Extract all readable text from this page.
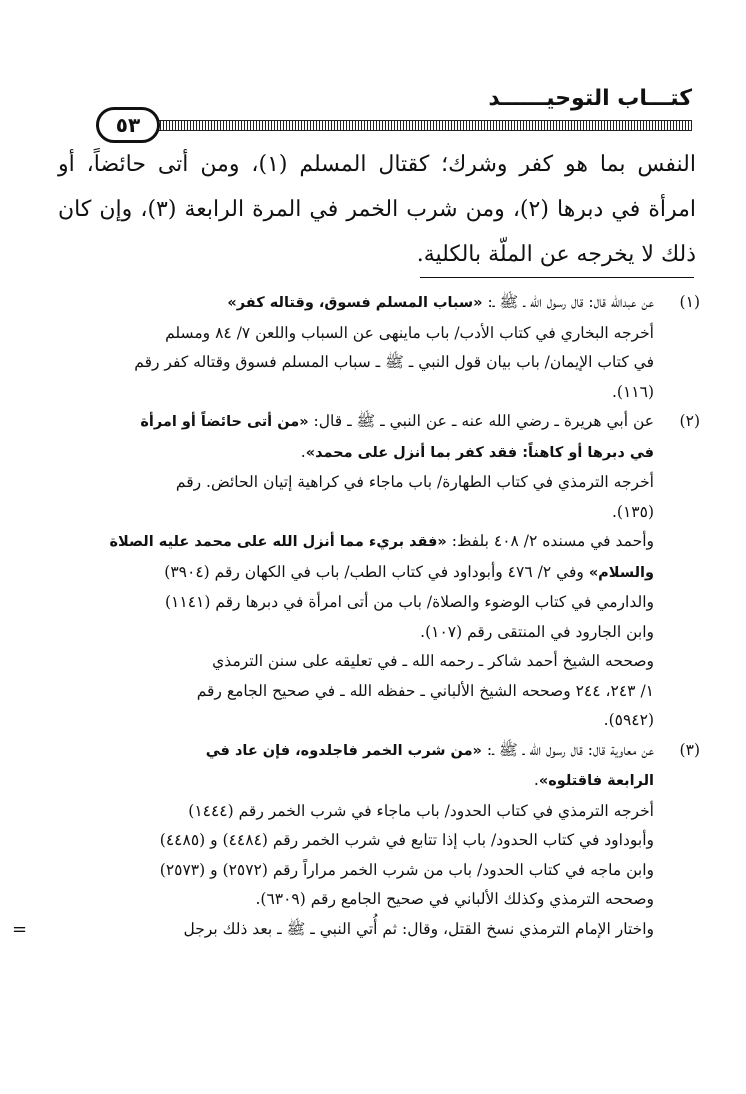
كتـــاب التوحيــــــد
٥٣

النفس بما هو كفر وشرك؛ كقتال المسلم (١)، ومن أتى حائضاً، أو امرأة في دبرها (٢)، ومن شرب الخمر في المرة الرابعة (٣)، وإن كان ذلك لا يخرجه عن الملّة بالكلية.

(١)

عن عبدالله قال: قال رسول الله ـ ﷺ ـ: «سباب المسلم فسوق، وقتاله كفر»

أخرجه البخاري في كتاب الأدب/ باب ماينهى عن السباب واللعن ٧/ ٨٤ ومسلم

في كتاب الإيمان/ باب بيان قول النبي ـ ﷺ ـ سباب المسلم فسوق وقتاله كفر رقم

(١١٦).

(٢)

عن أبي هريرة ـ رضي الله عنه ـ عن النبي ـ ﷺ ـ قال: «من أتى حائضاً أو امرأة

في دبرها أو كاهناً: فقد كفر بما أنزل على محمد».

أخرجه الترمذي في كتاب الطهارة/ باب ماجاء في كراهية إتيان الحائض. رقم

(١٣٥).

وأحمد في مسنده ٢/ ٤٠٨ بلفظ: «فقد بريء مما أنزل الله على محمد عليه الصلاة

والسلام» وفي ٢/ ٤٧٦ وأبوداود في كتاب الطب/ باب في الكهان رقم (٣٩٠٤)

والدارمي في كتاب الوضوء والصلاة/ باب من أتى امرأة في دبرها رقم (١١٤١)

وابن الجارود في المنتقى رقم (١٠٧).

وصححه الشيخ أحمد شاكر ـ رحمه الله ـ في تعليقه على سنن الترمذي

١/ ٢٤٣، ٢٤٤ وصححه الشيخ الألباني ـ حفظه الله ـ في صحيح الجامع رقم

(٥٩٤٢).

(٣)

عن معاوية قال: قال رسول الله ـ ﷺ ـ: «من شرب الخمر فاجلدوه، فإن عاد في

الرابعة فاقتلوه».

أخرجه الترمذي في كتاب الحدود/ باب ماجاء في شرب الخمر رقم (١٤٤٤)

وأبوداود في كتاب الحدود/ باب إذا تتابع في شرب الخمر رقم (٤٤٨٤) و (٤٤٨٥)

وابن ماجه في كتاب الحدود/ باب من شرب الخمر مراراً رقم (٢٥٧٢) و (٢٥٧٣)

وصححه الترمذي وكذلك الألباني في صحيح الجامع رقم (٦٣٠٩).

واختار الإمام الترمذي نسخ القتل، وقال: ثم أُتي النبي ـ ﷺ ـ بعد ذلك برجل
=
